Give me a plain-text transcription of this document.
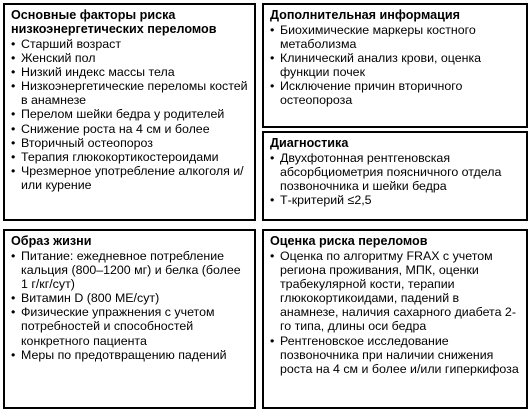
Основные факторы риска низкоэнергетических переломов
• Старший возраст
• Женский пол
• Низкий индекс массы тела
• Низкоэнергетические переломы костей в анамнезе
• Перелом шейки бедра у родителей
• Снижение роста на 4 см и более
• Вторичный остеопороз
• Терапия глюкокортикостероидами
• Чрезмерное употребление алкоголя и/или курение
Дополнительная информация
• Биохимические маркеры костного метаболизма
• Клинический анализ крови, оценка функции почек
• Исключение причин вторичного остеопороза
Диагностика
• Двухфотонная рентгеновская абсорбциометрия поясничного отдела позвоночника и шейки бедра
• Т-критерий ≤2,5
Образ жизни
• Питание: ежедневное потребление кальция (800–1200 мг) и белка (более 1 г/кг/сут)
• Витамин D (800 МЕ/сут)
• Физические упражнения с учетом потребностей и способностей конкретного пациента
• Меры по предотвращению падений
Оценка риска переломов
• Оценка по алгоритму FRAX с учетом региона проживания, МПК, оценки трабекулярной кости, терапии глюкокортикоидами, падений в анамнезе, наличия сахарного диабета 2-го типа, длины оси бедра
• Рентгеновское исследование позвоночника при наличии снижения роста на 4 см и более и/или гиперкифоза
